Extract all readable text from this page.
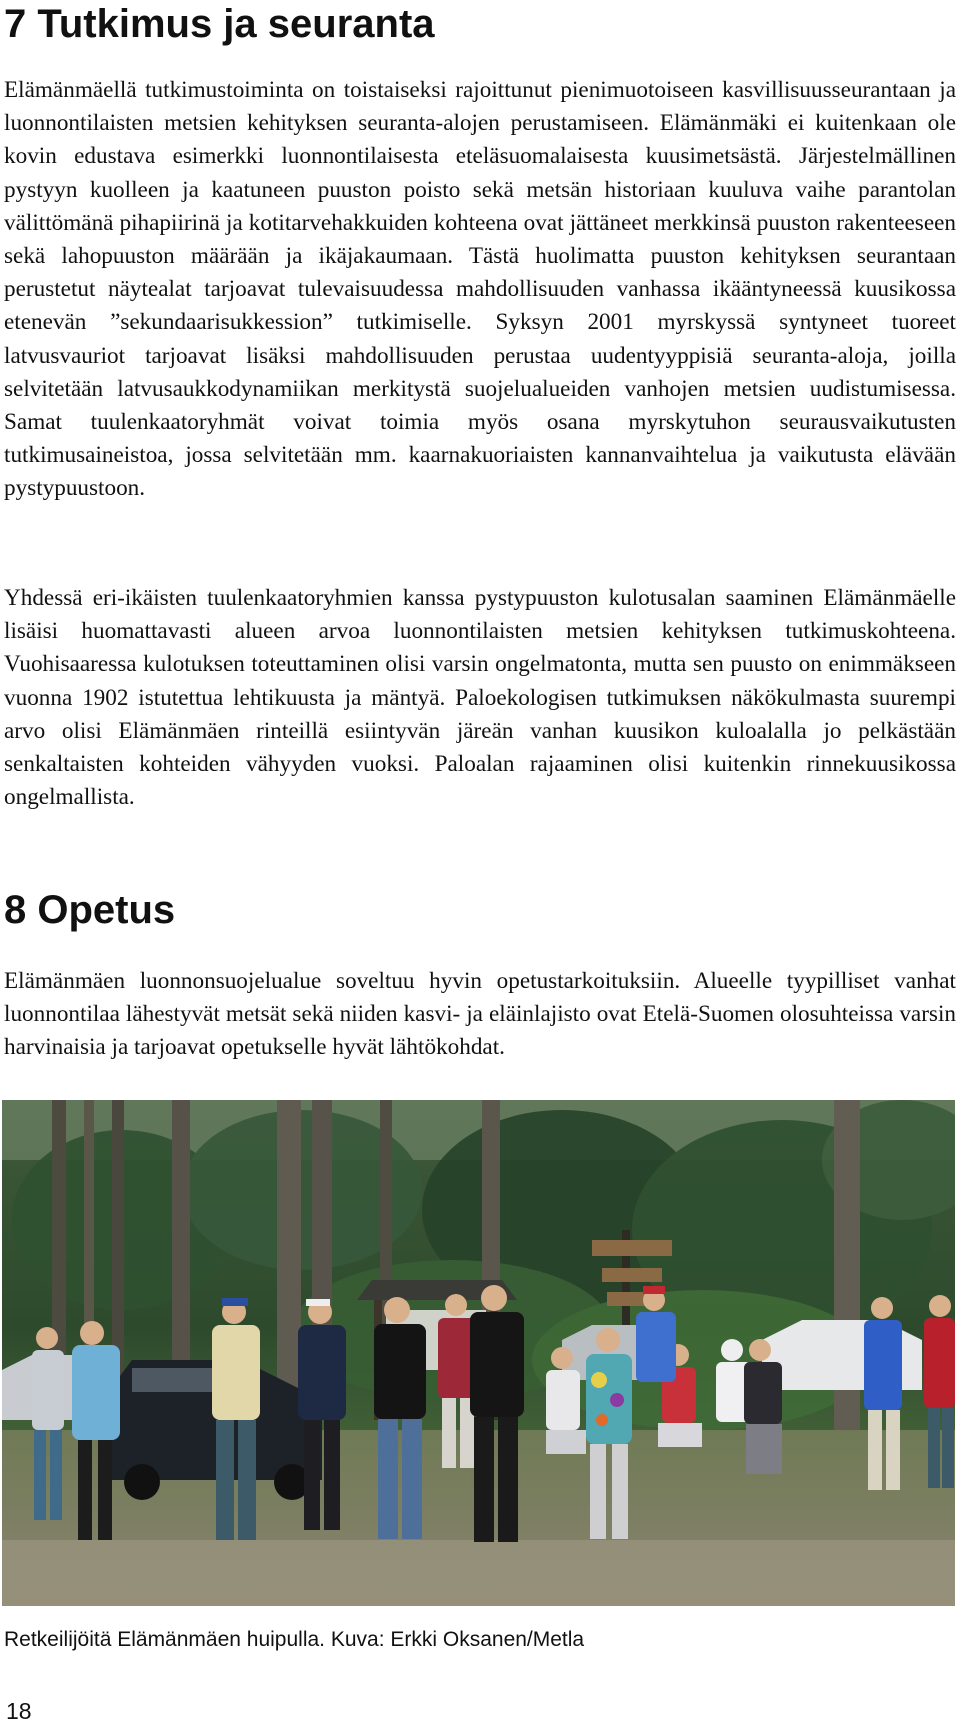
7 Tutkimus ja seuranta

Elämänmäellä tutkimustoiminta on toistaiseksi rajoittunut pienimuotoiseen kasvillisuusseurantaan ja luonnontilaisten metsien kehityksen seuranta-alojen perustamiseen. Elämänmäki ei kuitenkaan ole kovin edustava esimerkki luonnontilaisesta eteläsuomalaisesta kuusimetsästä. Järjestelmällinen pystyyn kuolleen ja kaatuneen puuston poisto sekä metsän historiaan kuuluva vaihe parantolan välittömänä pihapiirinä ja kotitarvehakkuiden kohteena ovat jättäneet merkkinsä puuston rakenteeseen sekä lahopuuston määrään ja ikäjakaumaan. Tästä huolimatta puuston kehityksen seurantaan perustetut näytealat tarjoavat tulevaisuudessa mahdollisuuden vanhassa ikääntyneessä kuusikossa etenevän ”sekundaarisukkession” tutkimiselle. Syksyn 2001 myrskyssä syntyneet tuoreet latvusvauriot tarjoavat lisäksi mahdollisuuden perustaa uudentyyppisiä seuranta-aloja, joilla selvitetään latvusaukkodynamiikan merkitystä suojelualueiden vanhojen metsien uudistumisessa. Samat tuulenkaatoryhmät voivat toimia myös osana myrskytuhon seurausvaikutusten tutkimusaineistoa, jossa selvitetään mm. kaarnakuoriaisten kannanvaihtelua ja vaikutusta elävään pystypuustoon.

Yhdessä eri-ikäisten tuulenkaatoryhmien kanssa pystypuuston kulotusalan saaminen Elämänmäelle lisäisi huomattavasti alueen arvoa luonnontilaisten metsien kehityksen tutkimuskohteena. Vuohisaaressa kulotuksen toteuttaminen olisi varsin ongelmatonta, mutta sen puusto on enimmäkseen vuonna 1902 istutettua lehtikuusta ja mäntyä. Paloekologisen tutkimuksen näkökulmasta suurempi arvo olisi Elämänmäen rinteillä esiintyvän järeän vanhan kuusikon kuloalalla jo pelkästään senkaltaisten kohteiden vähyyden vuoksi. Paloalan rajaaminen olisi kuitenkin rinnekuusikossa ongelmallista.

8 Opetus

Elämänmäen luonnonsuojelualue soveltuu hyvin opetustarkoituksiin. Alueelle tyypilliset vanhat luonnontilaa lähestyvät metsät sekä niiden kasvi- ja eläinlajisto ovat Etelä-Suomen olosuhteissa varsin harvinaisia ja tarjoavat opetukselle hyvät lähtökohdat.

Retkeilijöitä Elämänmäen huipulla. Kuva: Erkki Oksanen/Metla
18
